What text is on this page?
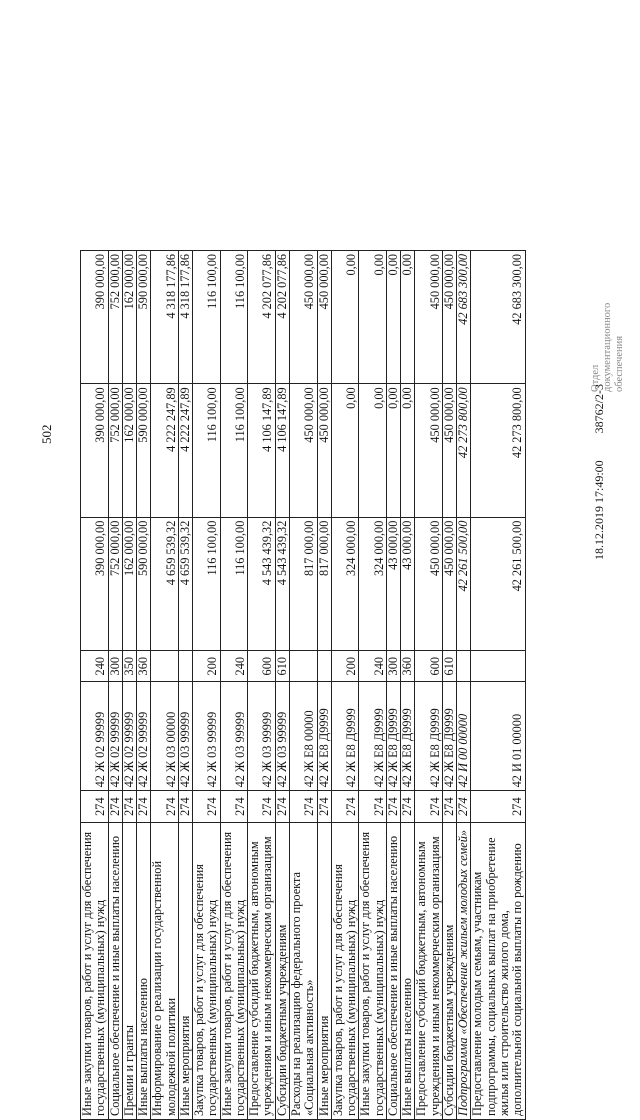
502
Иные закупки товаров, работ и услуг для обеспечения государственных (муниципальных) нужд	274	42 Ж 02 99999	240	390 000,00	390 000,00	390 000,00
Социальное обеспечение и иные выплаты населению	274	42 Ж 02 99999	300	752 000,00	752 000,00	752 000,00
Премии и гранты	274	42 Ж 02 99999	350	162 000,00	162 000,00	162 000,00
Иные выплаты населению	274	42 Ж 02 99999	360	590 000,00	590 000,00	590 000,00
Информирование о реализации государственной молодежной политики	274	42 Ж 03 00000		4 659 539,32	4 222 247,89	4 318 177,86
Иные мероприятия	274	42 Ж 03 99999		4 659 539,32	4 222 247,89	4 318 177,86
Закупка товаров, работ и услуг для обеспечения государственных (муниципальных) нужд	274	42 Ж 03 99999	200	116 100,00	116 100,00	116 100,00
Иные закупки товаров, работ и услуг для обеспечения государственных (муниципальных) нужд	274	42 Ж 03 99999	240	116 100,00	116 100,00	116 100,00
Предоставление субсидий бюджетным, автономным учреждениям и иным некоммерческим организациям	274	42 Ж 03 99999	600	4 543 439,32	4 106 147,89	4 202 077,86
Субсидии бюджетным учреждениям	274	42 Ж 03 99999	610	4 543 439,32	4 106 147,89	4 202 077,86
Расходы на реализацию федерального проекта «Социальная активность»	274	42 Ж E8 00000		817 000,00	450 000,00	450 000,00
Иные мероприятия	274	42 Ж E8 Д9999		817 000,00	450 000,00	450 000,00
Закупка товаров, работ и услуг для обеспечения государственных (муниципальных) нужд	274	42 Ж E8 Д9999	200	324 000,00	0,00	0,00
Иные закупки товаров, работ и услуг для обеспечения государственных (муниципальных) нужд	274	42 Ж E8 Д9999	240	324 000,00	0,00	0,00
Социальное обеспечение и иные выплаты населению	274	42 Ж E8 Д9999	300	43 000,00	0,00	0,00
Иные выплаты населению	274	42 Ж E8 Д9999	360	43 000,00	0,00	0,00
Предоставление субсидий бюджетным, автономным учреждениям и иным некоммерческим организациям	274	42 Ж E8 Д9999	600	450 000,00	450 000,00	450 000,00
Субсидии бюджетным учреждениям	274	42 Ж E8 Д9999	610	450 000,00	450 000,00	450 000,00
Подпрограмма «Обеспечение жильем молодых семей»	274	42 И 00 00000		42 261 500,00	42 273 800,00	42 683 300,00
Предоставление молодым семьям, участникам подпрограммы, социальных выплат на приобретение жилья или строительство жилого дома, дополнительной социальной выплаты по рождению	274	42 И 01 00000		42 261 500,00	42 273 800,00	42 683 300,00
Отдел документационного обеспечения
18.12.2019 17:49:00 38762/2-3
